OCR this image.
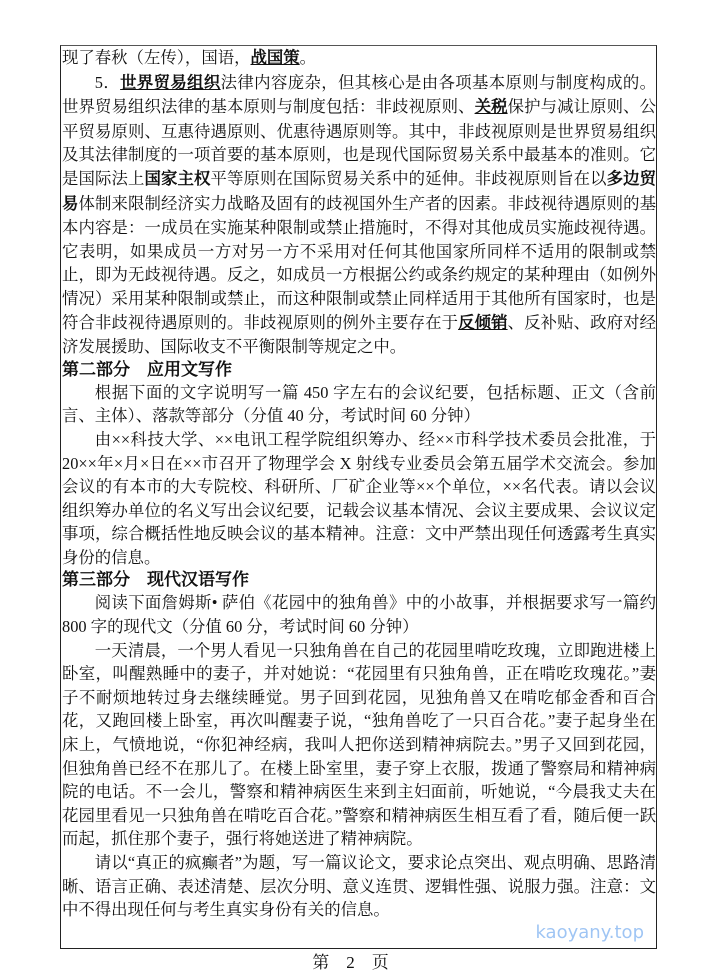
现了春秋（左传），国语，战国策。
5．世界贸易组织法律内容庞杂，但其核心是由各项基本原则与制度构成的。世界贸易组织法律的基本原则与制度包括：非歧视原则、关税保护与减让原则、公平贸易原则、互惠待遇原则、优惠待遇原则等。其中，非歧视原则是世界贸易组织及其法律制度的一项首要的基本原则，也是现代国际贸易关系中最基本的准则。它是国际法上国家主权平等原则在国际贸易关系中的延伸。非歧视原则旨在以多边贸易体制来限制经济实力战略及固有的歧视国外生产者的因素。非歧视待遇原则的基本内容是：一成员在实施某种限制或禁止措施时，不得对其他成员实施歧视待遇。它表明，如果成员一方对另一方不采用对任何其他国家所同样不适用的限制或禁止，即为无歧视待遇。反之，如成员一方根据公约或条约规定的某种理由（如例外情况）采用某种限制或禁止，而这种限制或禁止同样适用于其他所有国家时，也是符合非歧视待遇原则的。非歧视原则的例外主要存在于反倾销、反补贴、政府对经济发展援助、国际收支不平衡限制等规定之中。
第二部分　应用文写作
根据下面的文字说明写一篇 450 字左右的会议纪要，包括标题、正文（含前言、主体）、落款等部分（分值 40 分，考试时间 60 分钟）
由××科技大学、××电讯工程学院组织筹办、经××市科学技术委员会批准，于 20××年×月×日在××市召开了物理学会 X 射线专业委员会第五届学术交流会。参加会议的有本市的大专院校、科研所、厂矿企业等××个单位，××名代表。请以会议组织筹办单位的名义写出会议纪要，记载会议基本情况、会议主要成果、会议议定事项，综合概括性地反映会议的基本精神。注意：文中严禁出现任何透露考生真实身份的信息。
第三部分　现代汉语写作
阅读下面詹姆斯• 萨伯《花园中的独角兽》中的小故事，并根据要求写一篇约 800 字的现代文（分值 60 分，考试时间 60 分钟）
一天清晨，一个男人看见一只独角兽在自己的花园里啃吃玫瑰，立即跑进楼上卧室，叫醒熟睡中的妻子，并对她说：“花园里有只独角兽，正在啃吃玫瑰花。”妻子不耐烦地转过身去继续睡觉。男子回到花园，见独角兽又在啃吃郁金香和百合花，又跑回楼上卧室，再次叫醒妻子说，“独角兽吃了一只百合花。”妻子起身坐在床上，气愤地说，“你犯神经病，我叫人把你送到精神病院去。”男子又回到花园，但独角兽已经不在那儿了。在楼上卧室里，妻子穿上衣服，拨通了警察局和精神病院的电话。不一会儿，警察和精神病医生来到主妇面前，听她说，“今晨我丈夫在花园里看见一只独角兽在啃吃百合花。”警察和精神病医生相互看了看，随后便一跃而起，抓住那个妻子，强行将她送进了精神病院。
请以“真正的疯癫者”为题，写一篇议论文，要求论点突出、观点明确、思路清晰、语言正确、表述清楚、层次分明、意义连贯、逻辑性强、说服力强。注意：文中不得出现任何与考生真实身份有关的信息。
kaoyany.top
第　2　页
